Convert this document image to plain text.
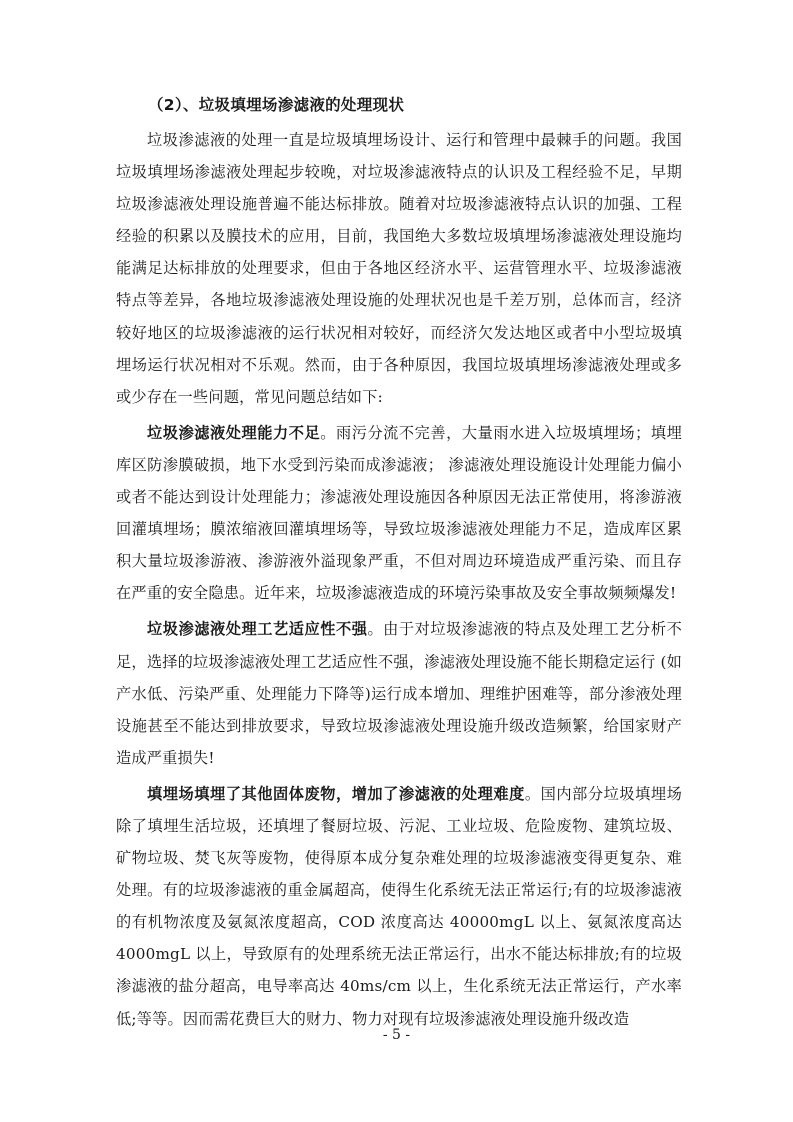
（2）、垃圾填埋场渗滤液的处理现状

垃圾渗滤液的处理一直是垃圾填埋场设计、运行和管理中最棘手的问题。我国垃圾填埋场渗滤液处理起步较晚，对垃圾渗滤液特点的认识及工程经验不足，早期垃圾渗滤液处理设施普遍不能达标排放。随着对垃圾渗滤液特点认识的加强、工程经验的积累以及膜技术的应用，目前，我国绝大多数垃圾填埋场渗滤液处理设施均能满足达标排放的处理要求，但由于各地区经济水平、运营管理水平、垃圾渗滤液特点等差异，各地垃圾渗滤液处理设施的处理状况也是千差万别，总体而言，经济较好地区的垃圾渗滤液的运行状况相对较好，而经济欠发达地区或者中小型垃圾填埋场运行状况相对不乐观。然而，由于各种原因，我国垃圾填埋场渗滤液处理或多或少存在一些问题，常见问题总结如下:

垃圾渗滤液处理能力不足。雨污分流不完善，大量雨水进入垃圾填埋场；填埋库区防渗膜破损，地下水受到污染而成渗滤液； 渗滤液处理设施设计处理能力偏小或者不能达到设计处理能力；渗滤液处理设施因各种原因无法正常使用，将渗游液回灌填埋场；膜浓缩液回灌填埋场等，导致垃圾渗滤液处理能力不足，造成库区累积大量垃圾渗游液、渗游液外溢现象严重，不但对周边环境造成严重污染、而且存在严重的安全隐患。近年来，垃圾渗滤液造成的环境污染事故及安全事故频频爆发!

垃圾渗滤液处理工艺适应性不强。由于对垃圾渗滤液的特点及处理工艺分析不足，选择的垃圾渗滤液处理工艺适应性不强，渗滤液处理设施不能长期稳定运行 (如产水低、污染严重、处理能力下降等)运行成本增加、理维护困难等，部分渗液处理设施甚至不能达到排放要求，导致垃圾渗滤液处理设施升级改造频繁，给国家财产造成严重损失!

填埋场填埋了其他固体废物，增加了渗滤液的处理难度。国内部分垃圾填埋场除了填埋生活垃圾，还填埋了餐厨垃圾、污泥、工业垃圾、危险废物、建筑垃圾、矿物垃圾、焚飞灰等废物，使得原本成分复杂难处理的垃圾渗滤液变得更复杂、难处理。有的垃圾渗滤液的重金属超高，使得生化系统无法正常运行;有的垃圾渗滤液的有机物浓度及氨氮浓度超高，COD 浓度高达 40000mgL 以上、氨氮浓度高达 4000mgL 以上，导致原有的处理系统无法正常运行，出水不能达标排放;有的垃圾渗滤液的盐分超高，电导率高达 40ms/cm 以上，生化系统无法正常运行，产水率低;等等。因而需花费巨大的财力、物力对现有垃圾渗滤液处理设施升级改造

- 5 -
